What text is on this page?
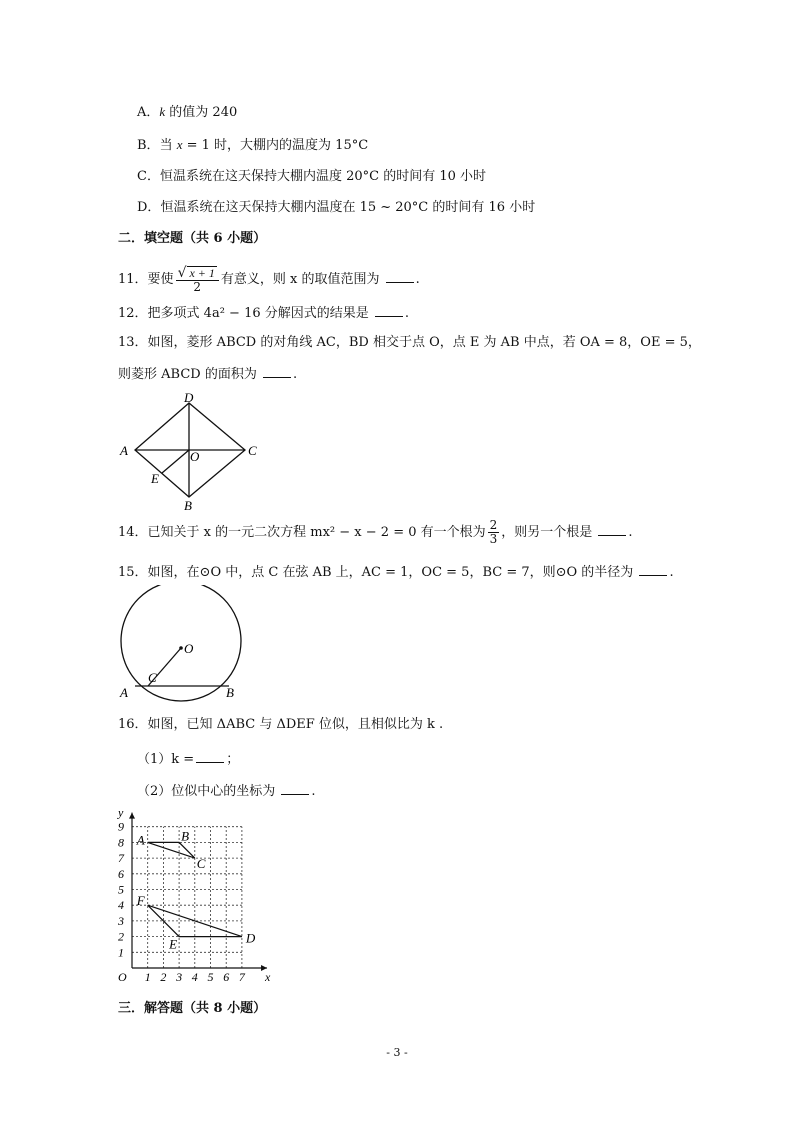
A．k 的值为 240
B．当 x = 1 时，大棚内的温度为 15°C
C．恒温系统在这天保持大棚内温度 20°C 的时间有 10 小时
D．恒温系统在这天保持大棚内温度在 15 ~ 20°C 的时间有 16 小时
二．填空题（共 6 小题）
11．要使 $\frac{√ x + 1}{2}$ 有意义，则 x 的取值范围为	.
12．把多项式 4a² − 16 分解因式的结果是	.
13．如图，菱形 ABCD 的对角线 AC，BD 相交于点 O，点 E 为 AB 中点，若 OA = 8，OE = 5，
则菱形 ABCD 的面积为	.
D
A	O	C
E
B
14．已知关于 x 的一元二次方程 mx² − x − 2 = 0 有一个根为 $\frac{2}{3}$ ，则另一个根是	.
15．如图，在⊙O 中，点 C 在弦 AB 上，AC = 1，OC = 5，BC = 7，则⊙O 的半径为	.
O
C
A	B
16．如图，已知 ΔABC 与 ΔDEF 位似，且相似比为 k .
（1）k = ；
（2）位似中心的坐标为	.
1 2 3 4 5 6 7
1
2
3
4
5
6
7
8
9
O	x
y
A	B
C
D
E
F
三．解答题（共 8 小题）
- 3 -
